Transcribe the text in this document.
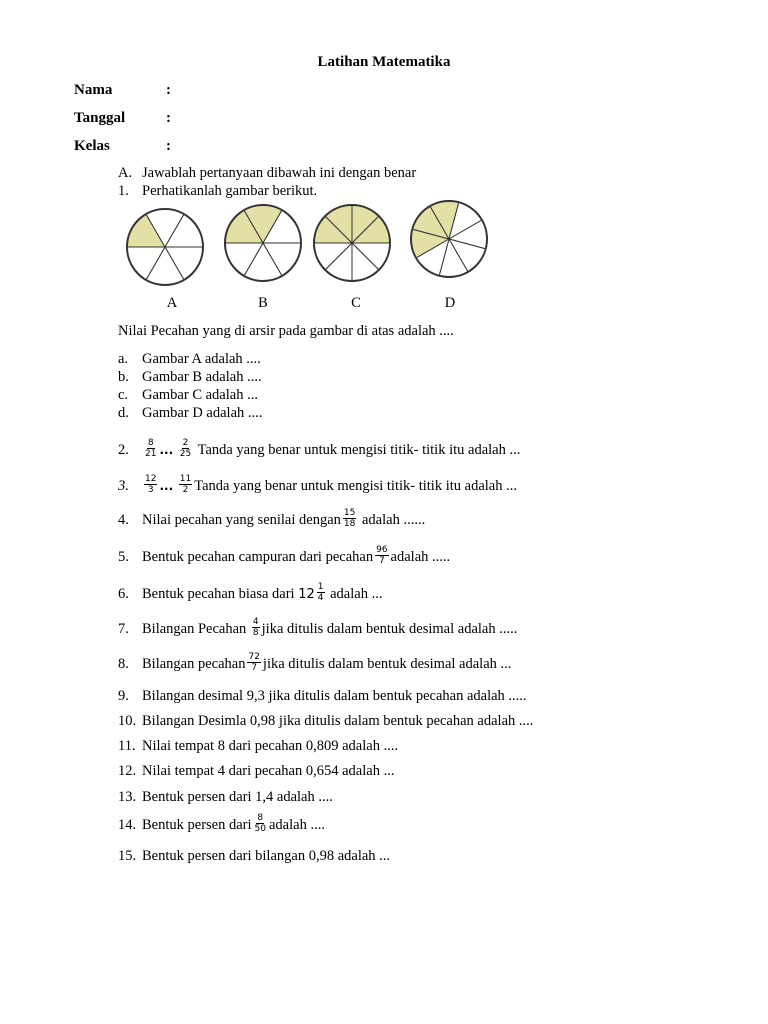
Latihan Matematika
Nama	:
Tanggal	:
Kelas	:
A. Jawablah pertanyaan dibawah ini dengan benar
1. Perhatikanlah gambar berikut.
A	B	C	D
Nilai Pecahan yang di arsir pada gambar di atas adalah ....
a. Gambar A adalah ....
b. Gambar B adalah ....
c. Gambar C adalah ...
d. Gambar D adalah ....
2. $\frac{8}{21}$ ... $\frac{2}{25}$ Tanda yang benar untuk mengisi titik- titik itu adalah ...
3. $\frac{12}{3}$ ... $\frac{11}{2}$ Tanda yang benar untuk mengisi titik- titik itu adalah ...
4. Nilai pecahan yang senilai dengan $\frac{15}{18}$ adalah ......
5. Bentuk pecahan campuran dari pecahan $\frac{96}{7}$ adalah .....
6. Bentuk pecahan biasa dari $12 \frac{1}{4}$ adalah ...
7. Bilangan Pecahan $\frac{4}{8}$ jika ditulis dalam bentuk desimal adalah .....
8. Bilangan pecahan $\frac{72}{7}$ jika ditulis dalam bentuk desimal adalah ...
9. Bilangan desimal 9,3 jika ditulis dalam bentuk pecahan adalah .....
10. Bilangan Desimla 0,98 jika ditulis dalam bentuk pecahan adalah ....
11. Nilai tempat 8 dari pecahan 0,809 adalah ....
12. Nilai tempat 4 dari pecahan 0,654 adalah ...
13. Bentuk persen dari 1,4 adalah ....
14. Bentuk persen dari $\frac{8}{50}$ adalah ....
15. Bentuk persen dari bilangan 0,98 adalah ...
